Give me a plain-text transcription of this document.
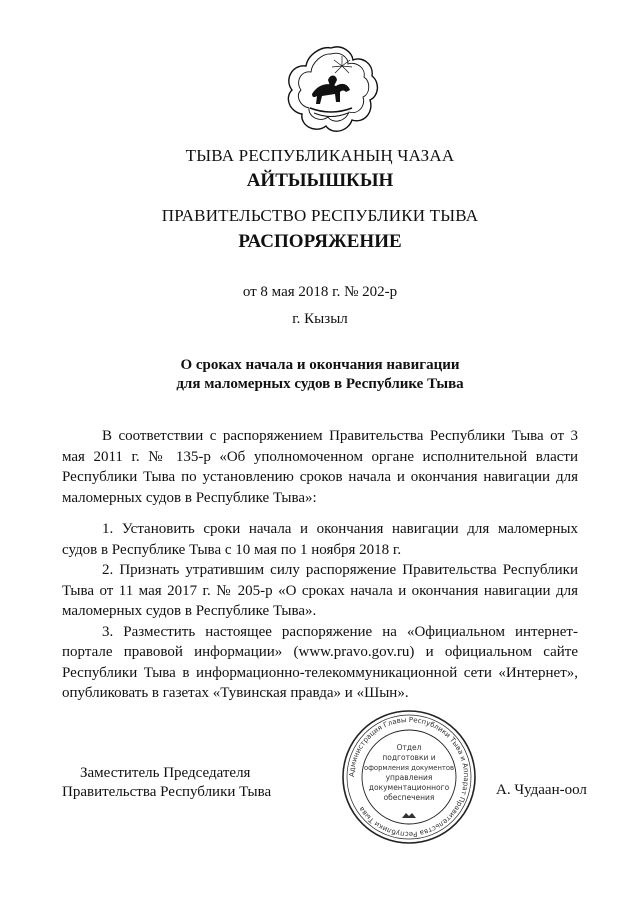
ТЫВА РЕСПУБЛИКАНЫҢ ЧАЗАА
АЙТЫЫШКЫН
ПРАВИТЕЛЬСТВО РЕСПУБЛИКИ ТЫВА
РАСПОРЯЖЕНИЕ
от 8 мая 2018 г. № 202-р
г. Кызыл
О сроках начала и окончания навигации
для маломерных судов в Республике Тыва

В соответствии с распоряжением Правительства Республики Тыва от 3 мая 2011 г. № 135-р «Об уполномоченном органе исполнительной власти Республики Тыва по установлению сроков начала и окончания навигации для маломерных судов в Республике Тыва»:

1. Установить сроки начала и окончания навигации для маломерных судов в Республике Тыва с 10 мая по 1 ноября 2018 г.

2. Признать утратившим силу распоряжение Правительства Республики Тыва от 11 мая 2017 г. № 205-р «О сроках начала и окончания навигации для маломерных судов в Республике Тыва».

3. Разместить настоящее распоряжение на «Официальном интернет-портале правовой информации» (www.pravo.gov.ru) и официальном сайте Республики Тыва в информационно-телекоммуникационной сети «Интернет», опубликовать в газетах «Тувинская правда» и «Шын».

Заместитель Председателя
Правительства Республики Тыва
Администрация Главы Республики Тыва и Аппарат Правительства Республики Тыва
Отдел
подготовки и
оформления документов
управления
документационного
обеспечения	А. Чудаан-оол
